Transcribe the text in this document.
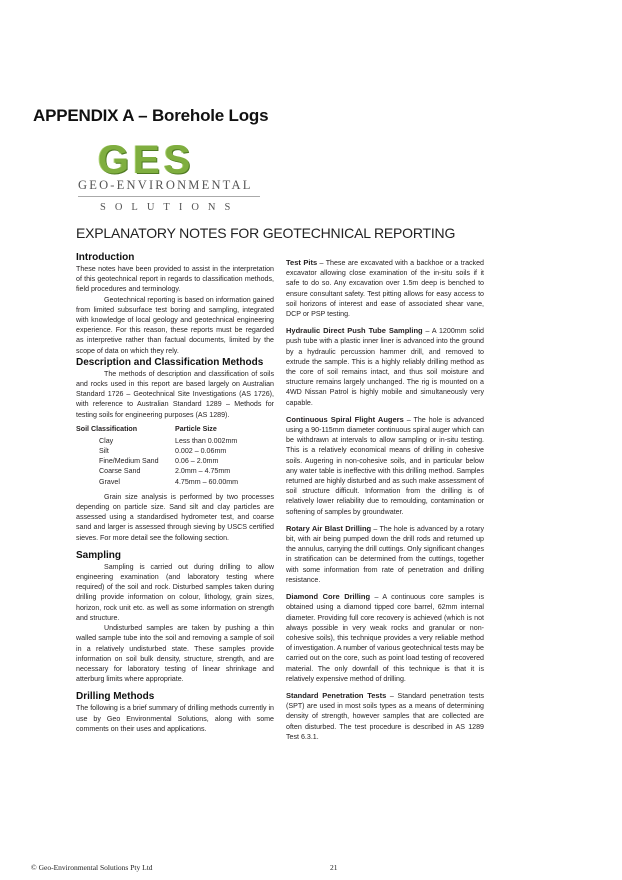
APPENDIX A – Borehole Logs
GES
GEO-ENVIRONMENTAL
SOLUTIONS
EXPLANATORY NOTES FOR GEOTECHNICAL REPORTING
Introduction

These notes have been provided to assist in the interpretation of this geotechnical report in regards to classification methods, field procedures and terminology.

Geotechnical reporting is based on information gained from limited subsurface test boring and sampling, integrated with knowledge of local geology and geotechnical engineering experience. For this reason, these reports must be regarded as interpretive rather than factual documents, limited by the scope of data on which they rely.

Description and Classification Methods

The methods of description and classification of soils and rocks used in this report are based largely on Australian Standard 1726 – Geotechnical Site Investigations (AS 1726), with reference to Australian Standard 1289 – Methods for testing soils for engineering purposes (AS 1289).

Soil Classification	Particle Size
Clay	Less than 0.002mm
Silt	0.002 – 0.06mm
Fine/Medium Sand	0.06 – 2.0mm
Coarse Sand	2.0mm – 4.75mm
Gravel	4.75mm – 60.00mm

Grain size analysis is performed by two processes depending on particle size. Sand silt and clay particles are assessed using a standardised hydrometer test, and coarse sand and larger is assessed through sieving by USCS certified sieves. For more detail see the following section.

Sampling

Sampling is carried out during drilling to allow engineering examination (and laboratory testing where required) of the soil and rock. Disturbed samples taken during drilling provide information on colour, lithology, grain sizes, horizon, rock unit etc. as well as some information on strength and structure.

Undisturbed samples are taken by pushing a thin walled sample tube into the soil and removing a sample of soil in a relatively undisturbed state. These samples provide information on soil bulk density, structure, strength, and are necessary for laboratory testing of linear shrinkage and atterburg limits where appropriate.

Drilling Methods

The following is a brief summary of drilling methods currently in use by Geo Environmental Solutions, along with some comments on their uses and applications.

Test Pits – These are excavated with a backhoe or a tracked excavator allowing close examination of the in-situ soils if it safe to do so. Any excavation over 1.5m deep is benched to ensure consultant safety. Test pitting allows for easy access to soil horizons of interest and ease of associated shear vane, DCP or PSP testing.

Hydraulic Direct Push Tube Sampling – A 1200mm solid push tube with a plastic inner liner is advanced into the ground by a hydraulic percussion hammer drill, and removed to extrude the sample. This is a highly reliably drilling method as the core of soil remains intact, and thus soil moisture and structure remains largely unchanged. The rig is mounted on a 4WD Nissan Patrol is highly mobile and simultaneously very capable.

Continuous Spiral Flight Augers – The hole is advanced using a 90-115mm diameter continuous spiral auger which can be withdrawn at intervals to allow sampling or in-situ testing. This is a relatively economical means of drilling in cohesive soils. Augering in non-cohesive soils, and in particular below any water table is ineffective with this drilling method. Samples returned are highly disturbed and as such make assessment of soil structure difficult. Information from the drilling is of relatively lower reliability due to remoulding, contamination or softening of samples by groundwater.

Rotary Air Blast Drilling – The hole is advanced by a rotary bit, with air being pumped down the drill rods and returned up the annulus, carrying the drill cuttings. Only significant changes in stratification can be determined from the cuttings, together with some information from rate of penetration and drilling resistance.

Diamond Core Drilling – A continuous core samples is obtained using a diamond tipped core barrel, 62mm internal diameter. Providing full core recovery is achieved (which is not always possible in very weak rocks and granular or non-cohesive soils), this technique provides a very reliable method of investigation. A number of various geotechnical tests may be carried out on the core, such as point load testing of recovered material. The only downfall of this technique is that it is relatively expensive method of drilling.

Standard Penetration Tests – Standard penetration tests (SPT) are used in most soils types as a means of determining density of strength, however samples that are collected are often disturbed. The test procedure is described in AS 1289 Test 6.3.1.

© Geo-Environmental Solutions Pty Ltd	21
